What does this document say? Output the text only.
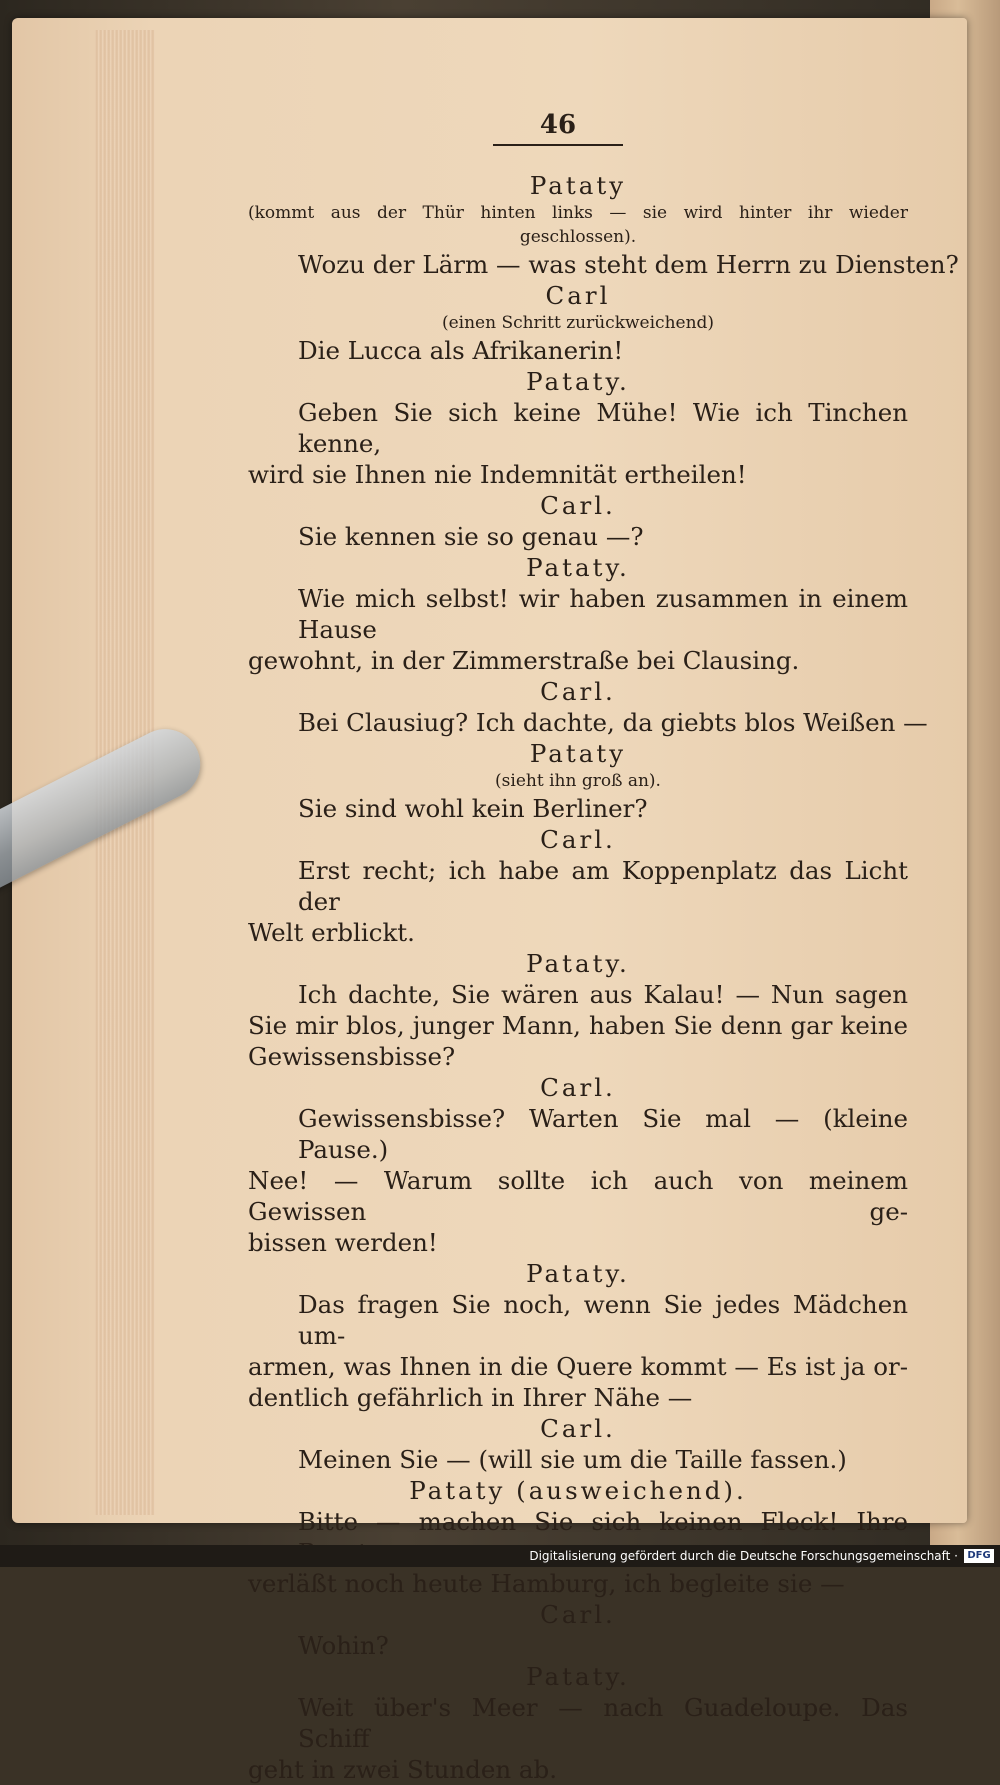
46
Pataty
(kommt aus der Thür hinten links — sie wird hinter ihr wieder
geschlossen).
Wozu der Lärm — was steht dem Herrn zu Diensten?
Carl
(einen Schritt zurückweichend)
Die Lucca als Afrikanerin!
Pataty.
Geben Sie sich keine Mühe! Wie ich Tinchen kenne,
wird sie Ihnen nie Indemnität ertheilen!
Carl.
Sie kennen sie so genau —?
Pataty.
Wie mich selbst! wir haben zusammen in einem Hause
gewohnt, in der Zimmerstraße bei Clausing.
Carl.
Bei Clausiug? Ich dachte, da giebts blos Weißen —
Pataty
(sieht ihn groß an).
Sie sind wohl kein Berliner?
Carl.
Erst recht; ich habe am Koppenplatz das Licht der
Welt erblickt.
Pataty.
Ich dachte, Sie wären aus Kalau! — Nun sagen
Sie mir blos, junger Mann, haben Sie denn gar keine
Gewissensbisse?
Carl.
Gewissensbisse? Warten Sie mal — (kleine Pause.)
Nee! — Warum sollte ich auch von meinem Gewissen ge-
bissen werden!
Pataty.
Das fragen Sie noch, wenn Sie jedes Mädchen um-
armen, was Ihnen in die Quere kommt — Es ist ja or-
dentlich gefährlich in Ihrer Nähe —
Carl.
Meinen Sie — (will sie um die Taille fassen.)
Pataty (ausweichend).
Bitte — machen Sie sich keinen Fleck! Ihre
verläßt noch heute Hamburg, ich begleite sie —
Carl.
Wohin?
Pataty.
Weit über's Meer — nach Guadeloupe. Das Schiff
geht in zwei Stunden ab.
Digitalisierung gefördert durch die Deutsche Forschungsgemeinschaft · DFG
